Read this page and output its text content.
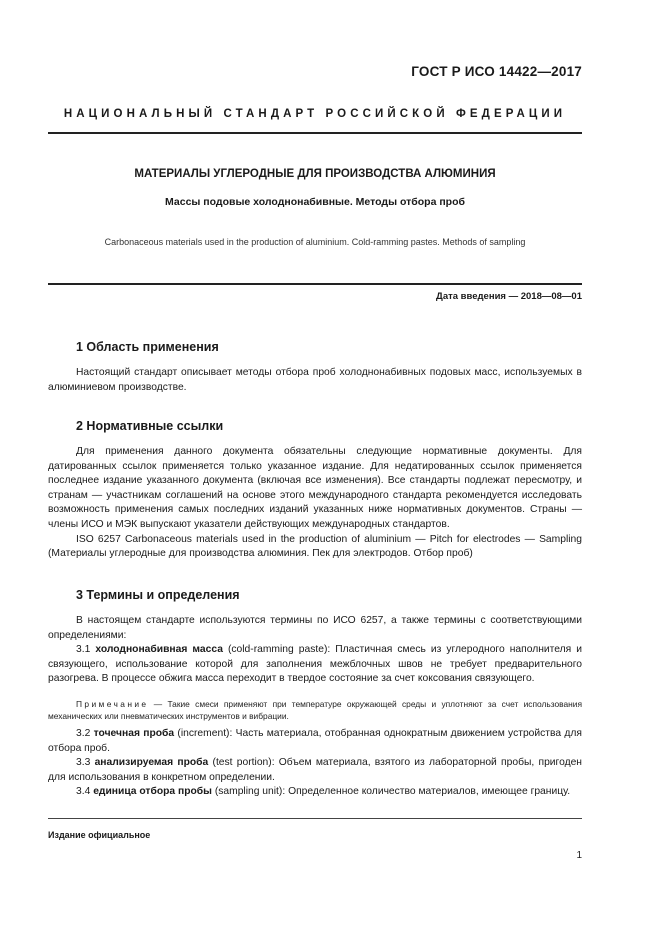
ГОСТ Р ИСО 14422—2017
НАЦИОНАЛЬНЫЙ СТАНДАРТ РОССИЙСКОЙ ФЕДЕРАЦИИ
МАТЕРИАЛЫ УГЛЕРОДНЫЕ ДЛЯ ПРОИЗВОДСТВА АЛЮМИНИЯ
Массы подовые холоднонабивные. Методы отбора проб
Carbonaceous materials used in the production of aluminium. Cold-ramming pastes. Methods of sampling
Дата введения — 2018—08—01
1 Область применения

Настоящий стандарт описывает методы отбора проб холоднонабивных подовых масс, используемых в алюминиевом производстве.

2 Нормативные ссылки

Для применения данного документа обязательны следующие нормативные документы. Для датированных ссылок применяется только указанное издание. Для недатированных ссылок применяется последнее издание указанного документа (включая все изменения). Все стандарты подлежат пересмотру, и странам — участникам соглашений на основе этого международного стандарта рекомендуется исследовать возможность применения самых последних изданий указанных ниже нормативных документов. Страны — члены ИСО и МЭК выпускают указатели действующих международных стандартов.

ISO 6257 Carbonaceous materials used in the production of aluminium — Pitch for electrodes — Sampling (Материалы углеродные для производства алюминия. Пек для электродов. Отбор проб)

3 Термины и определения

В настоящем стандарте используются термины по ИСО 6257, а также термины с соответствующими определениями:

3.1 холоднонабивная масса (cold-ramming paste): Пластичная смесь из углеродного наполнителя и связующего, использование которой для заполнения межблочных швов не требует предварительного разогрева. В процессе обжига масса переходит в твердое состояние за счет коксования связующего.

Примечание — Такие смеси применяют при температуре окружающей среды и уплотняют за счет использования механических или пневматических инструментов и вибрации.

3.2 точечная проба (increment): Часть материала, отобранная однократным движением устройства для отбора проб.

3.3 анализируемая проба (test portion): Объем материала, взятого из лабораторной пробы, пригоден для использования в конкретном определении.

3.4 единица отбора пробы (sampling unit): Определенное количество материалов, имеющее границу.

Издание официальное
1
